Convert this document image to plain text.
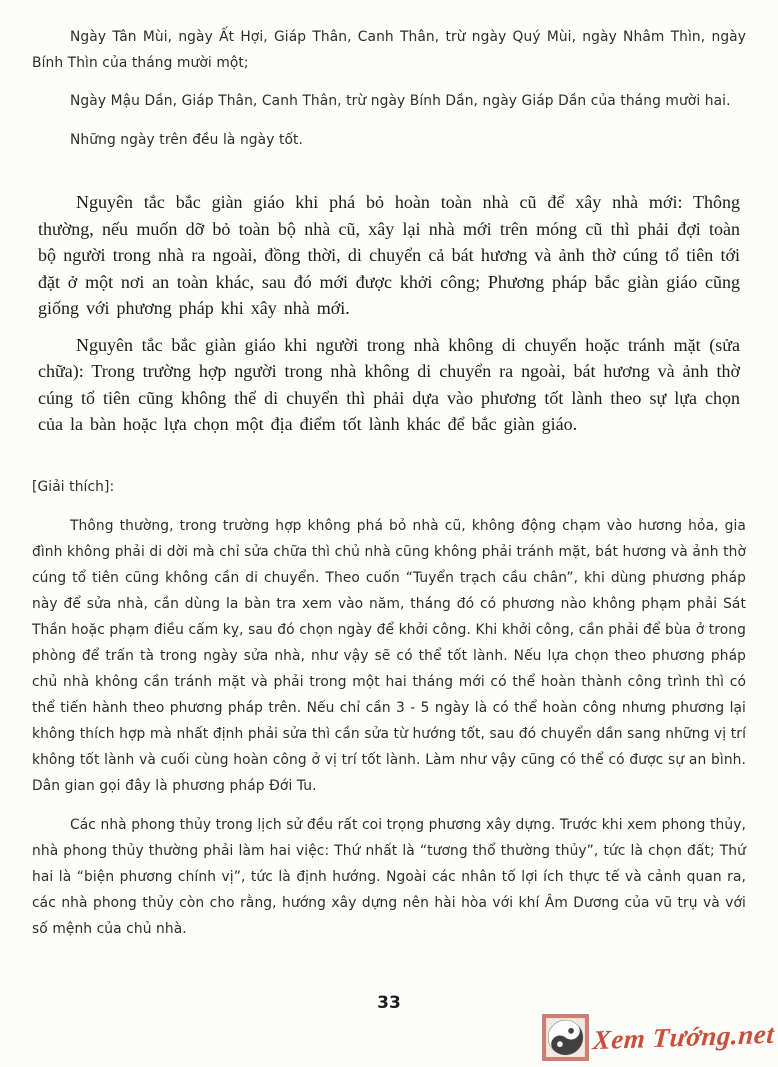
Ngày Tân Mùi, ngày Ất Hợi, Giáp Thân, Canh Thân, trừ ngày Quý Mùi, ngày Nhâm Thìn, ngày Bính Thìn của tháng mười một;

Ngày Mậu Dần, Giáp Thân, Canh Thân, trừ ngày Bính Dần, ngày Giáp Dần của tháng mười hai.

Những ngày trên đều là ngày tốt.

Nguyên tắc bắc giàn giáo khi phá bỏ hoàn toàn nhà cũ để xây nhà mới: Thông thường, nếu muốn dỡ bỏ toàn bộ nhà cũ, xây lại nhà mới trên móng cũ thì phải đợi toàn bộ người trong nhà ra ngoài, đồng thời, di chuyển cả bát hương và ảnh thờ cúng tổ tiên tới đặt ở một nơi an toàn khác, sau đó mới được khởi công; Phương pháp bắc giàn giáo cũng giống với phương pháp khi xây nhà mới.

Nguyên tắc bắc giàn giáo khi người trong nhà không di chuyển hoặc tránh mặt (sửa chữa): Trong trường hợp người trong nhà không di chuyển ra ngoài, bát hương và ảnh thờ cúng tổ tiên cũng không thể di chuyển thì phải dựa vào phương tốt lành theo sự lựa chọn của la bàn hoặc lựa chọn một địa điểm tốt lành khác để bắc giàn giáo.

[Giải thích]:

Thông thường, trong trường hợp không phá bỏ nhà cũ, không động chạm vào hương hỏa, gia đình không phải di dời mà chỉ sửa chữa thì chủ nhà cũng không phải tránh mặt, bát hương và ảnh thờ cúng tổ tiên cũng không cần di chuyển. Theo cuốn “Tuyển trạch cầu chân”, khi dùng phương pháp này để sửa nhà, cần dùng la bàn tra xem vào năm, tháng đó có phương nào không phạm phải Sát Thần hoặc phạm điều cấm kỵ, sau đó chọn ngày để khởi công. Khi khởi công, cần phải để bùa ở trong phòng để trấn tà trong ngày sửa nhà, như vậy sẽ có thể tốt lành. Nếu lựa chọn theo phương pháp chủ nhà không cần tránh mặt và phải trong một hai tháng mới có thể hoàn thành công trình thì có thể tiến hành theo phương pháp trên. Nếu chỉ cần 3 - 5 ngày là có thể hoàn công nhưng phương lại không thích hợp mà nhất định phải sửa thì cần sửa từ hướng tốt, sau đó chuyển dần sang những vị trí không tốt lành và cuối cùng hoàn công ở vị trí tốt lành. Làm như vậy cũng có thể có được sự an bình. Dân gian gọi đây là phương pháp Đới Tu.

Các nhà phong thủy trong lịch sử đều rất coi trọng phương xây dựng. Trước khi xem phong thủy, nhà phong thủy thường phải làm hai việc: Thứ nhất là “tương thổ thường thủy”, tức là chọn đất; Thứ hai là “biện phương chính vị”, tức là định hướng. Ngoài các nhân tố lợi ích thực tế và cảnh quan ra, các nhà phong thủy còn cho rằng, hướng xây dựng nên hài hòa với khí Âm Dương của vũ trụ và với số mệnh của chủ nhà.

33
Xem Tướng.net
